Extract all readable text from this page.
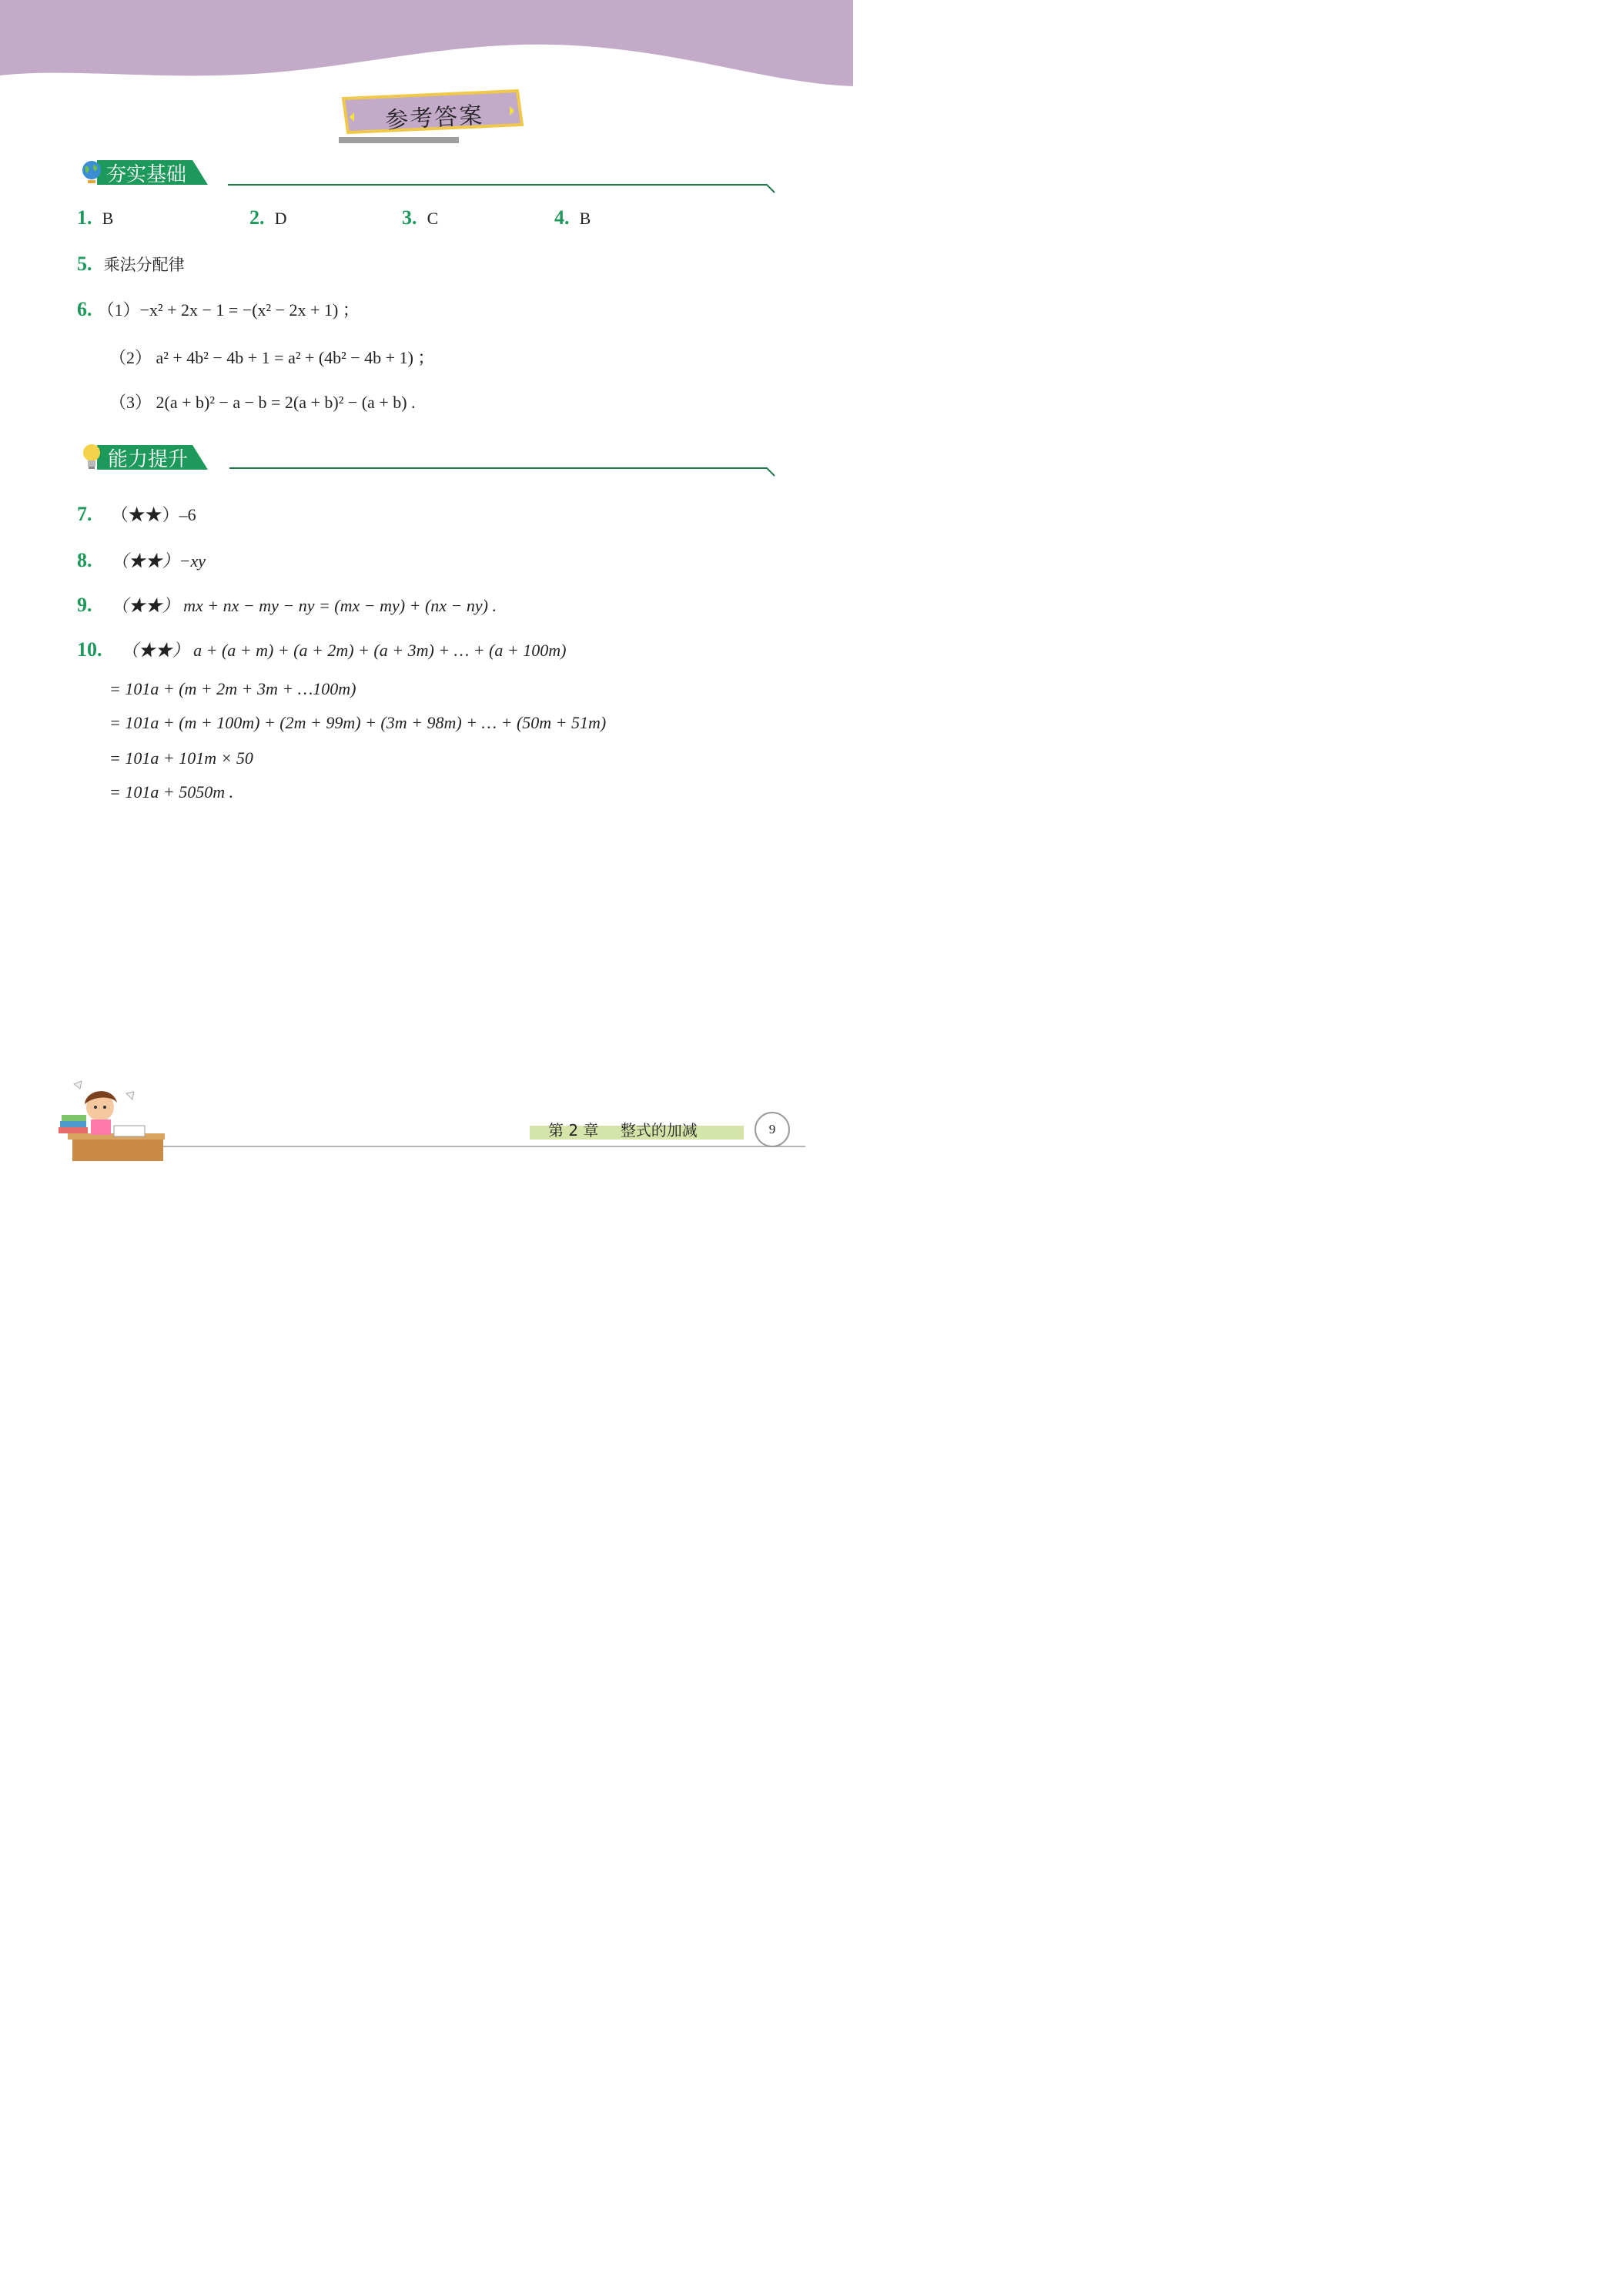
参考答案
夯实基础
1. B	2. D	3. C	4. B
5. 乘法分配律
6. （1）−x² + 2x − 1 = −(x² − 2x + 1) ；
（2） a² + 4b² − 4b + 1 = a² + (4b² − 4b + 1) ；
（3） 2(a + b)² − a − b = 2(a + b)² − (a + b) .
能力提升
7. （★★）–6
8. （★★）−xy
9. （★★） mx + nx − my − ny = (mx − my) + (nx − ny) .
10. （★★） a + (a + m) + (a + 2m) + (a + 3m) + … + (a + 100m)
= 101a + (m + 2m + 3m + …100m)
= 101a + (m + 100m) + (2m + 99m) + (3m + 98m) + … + (50m + 51m)
= 101a + 101m × 50
= 101a + 5050m .
第 2 章 整式的加减	9
